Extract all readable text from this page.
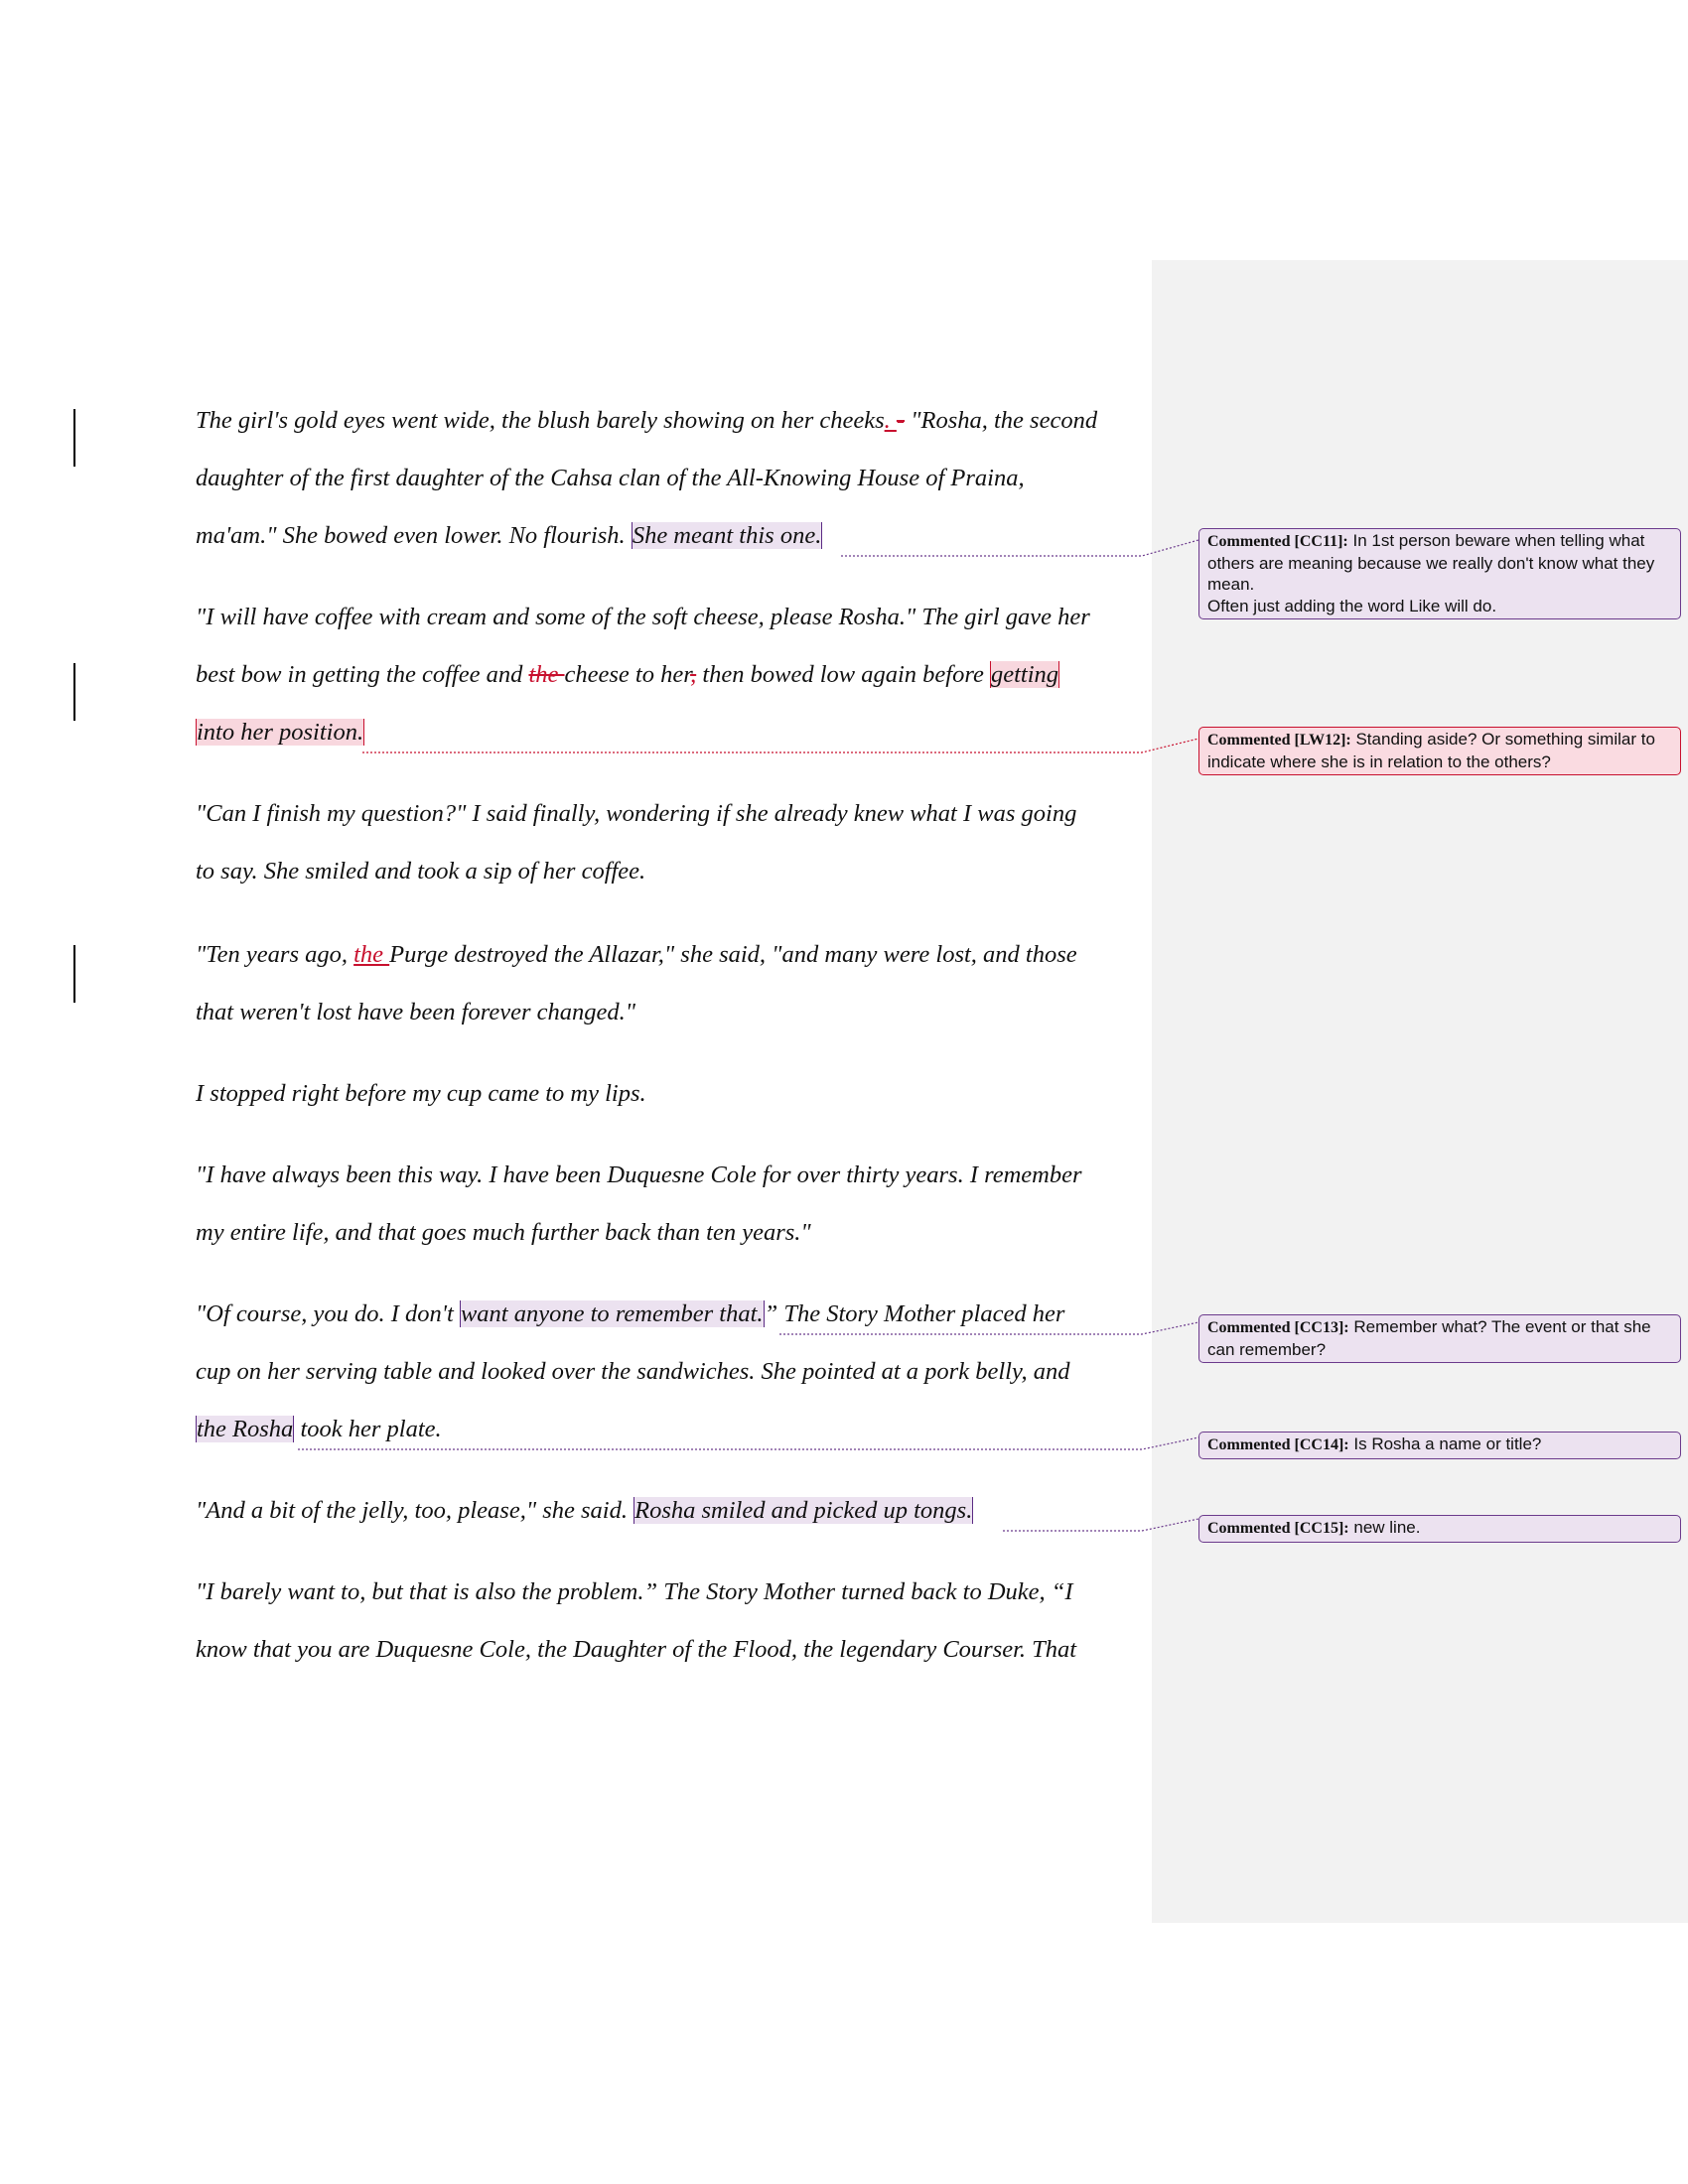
The girl's gold eyes went wide, the blush barely showing on her cheeks. - "Rosha, the second
daughter of the first daughter of the Cahsa clan of the All-Knowing House of Praina,
ma'am." She bowed even lower. No flourish. She meant this one.
"I will have coffee with cream and some of the soft cheese, please Rosha." The girl gave her
best bow in getting the coffee and the cheese to her, then bowed low again before getting
into her position.
"Can I finish my question?" I said finally, wondering if she already knew what I was going
to say. She smiled and took a sip of her coffee.
"Ten years ago, the Purge destroyed the Allazar," she said, "and many were lost, and those
that weren't lost have been forever changed."
I stopped right before my cup came to my lips.
"I have always been this way. I have been Duquesne Cole for over thirty years. I remember
my entire life, and that goes much further back than ten years."
"Of course, you do. I don't want anyone to remember that.” The Story Mother placed her
cup on her serving table and looked over the sandwiches. She pointed at a pork belly, and
the Rosha took her plate.
"And a bit of the jelly, too, please," she said. Rosha smiled and picked up tongs.
"I barely want to, but that is also the problem.” The Story Mother turned back to Duke, “I
know that you are Duquesne Cole, the Daughter of the Flood, the legendary Courser. That
Commented [CC11]: In 1st person beware when telling what others are meaning because we really don't know what they mean.
Often just adding the word Like will do.
Commented [LW12]: Standing aside? Or something similar to indicate where she is in relation to the others?
Commented [CC13]: Remember what? The event or that she can remember?
Commented [CC14]: Is Rosha a name or title?
Commented [CC15]: new line.
